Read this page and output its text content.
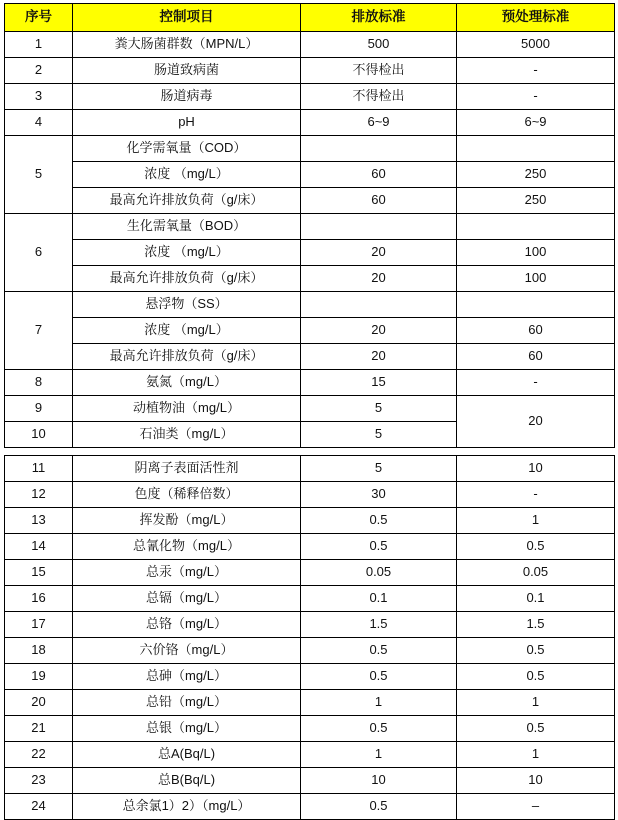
序号	控制项目	排放标准	预处理标准
1	粪大肠菌群数（MPN/L）	500	5000
2	肠道致病菌	不得检出	-
3	肠道病毒	不得检出	-
4	pH	6~9	6~9
5	化学需氧量（COD）		
	浓度 （mg/L）	60	250
	最高允许排放负荷（g/床）	60	250
6	生化需氧量（BOD）		
	浓度 （mg/L）	20	100
	最高允许排放负荷（g/床）	20	100
7	悬浮物（SS）		
	浓度 （mg/L）	20	60
	最高允许排放负荷（g/床）	20	60
8	氨氮（mg/L）	15	-
9	动植物油（mg/L）	5	20
10	石油类（mg/L）	5	

11	阴离子表面活性剂	5	10
12	色度（稀释倍数）	30	-
13	挥发酚（mg/L）	0.5	1
14	总氰化物（mg/L）	0.5	0.5
15	总汞（mg/L）	0.05	0.05
16	总镉（mg/L）	0.1	0.1
17	总铬（mg/L）	1.5	1.5
18	六价铬（mg/L）	0.5	0.5
19	总砷（mg/L）	0.5	0.5
20	总铅（mg/L）	1	1
21	总银（mg/L）	0.5	0.5
22	总A(Bq/L)	1	1
23	总B(Bq/L)	10	10
24	总余氯1）2）（mg/L）	0.5	–
